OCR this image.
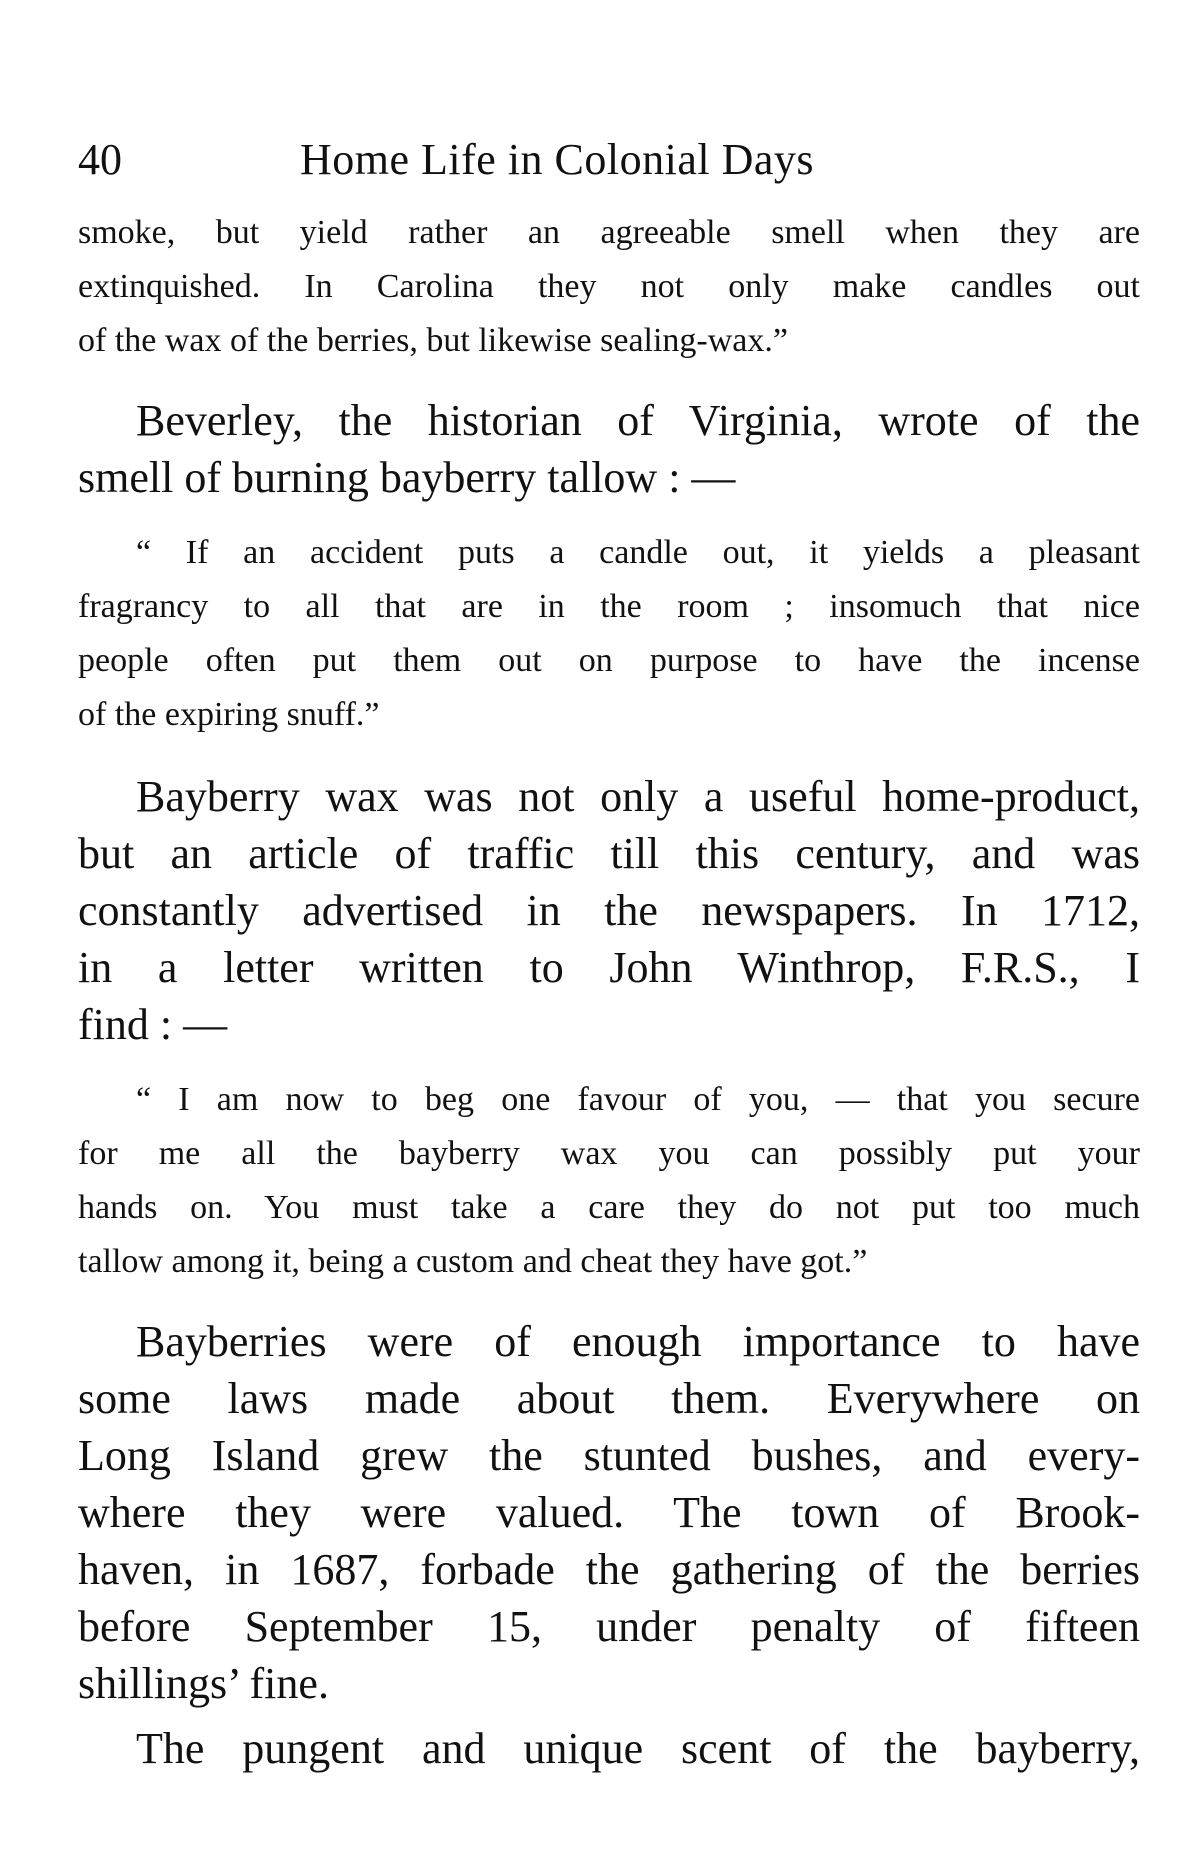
40	Home Life in Colonial Days
smoke, but yield rather an agreeable smell when they are
extinquished. In Carolina they not only make candles out
of the wax of the berries, but likewise sealing-wax.”
Beverley, the historian of Virginia, wrote of the
smell of burning bayberry tallow : —
“ If an accident puts a candle out, it yields a pleasant
fragrancy to all that are in the room ; insomuch that nice
people often put them out on purpose to have the incense
of the expiring snuff.”
Bayberry wax was not only a useful home-product,
but an article of traffic till this century, and was
constantly advertised in the newspapers. In 1712,
in a letter written to John Winthrop, F.R.S., I
find : —
“ I am now to beg one favour of you, — that you secure
for me all the bayberry wax you can possibly put your
hands on. You must take a care they do not put too much
tallow among it, being a custom and cheat they have got.”
Bayberries were of enough importance to have
some laws made about them. Everywhere on
Long Island grew the stunted bushes, and every-
where they were valued. The town of Brook-
haven, in 1687, forbade the gathering of the berries
before September 15, under penalty of fifteen
shillings’ fine.
The pungent and unique scent of the bayberry,
